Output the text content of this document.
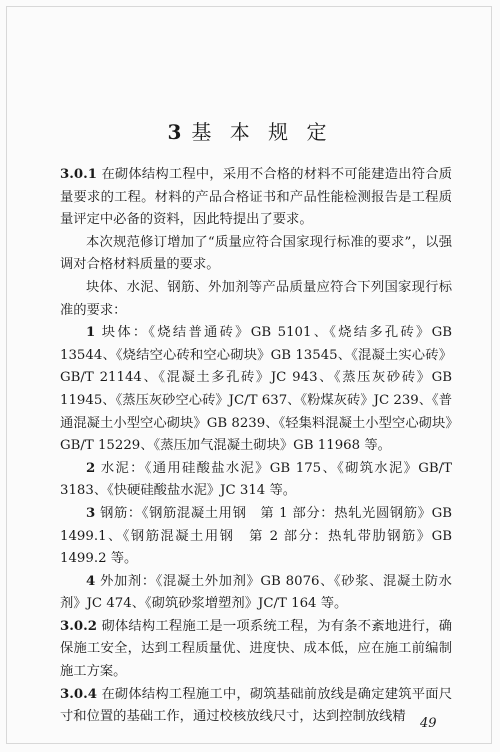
3 基 本 规 定

3.0.1 在砌体结构工程中，采用不合格的材料不可能建造出符合质量要求的工程。材料的产品合格证书和产品性能检测报告是工程质量评定中必备的资料，因此特提出了要求。

本次规范修订增加了“质量应符合国家现行标准的要求”，以强调对合格材料质量的要求。

块体、水泥、钢筋、外加剂等产品质量应符合下列国家现行标准的要求：

1 块体：《烧结普通砖》GB 5101、《烧结多孔砖》GB 13544、《烧结空心砖和空心砌块》GB 13545、《混凝土实心砖》GB/T 21144、《混凝土多孔砖》JC 943、《蒸压灰砂砖》GB 11945、《蒸压灰砂空心砖》JC/T 637、《粉煤灰砖》JC 239、《普通混凝土小型空心砌块》GB 8239、《轻集料混凝土小型空心砌块》GB/T 15229、《蒸压加气混凝土砌块》GB 11968 等。

2 水泥：《通用硅酸盐水泥》GB 175、《砌筑水泥》GB/T 3183、《快硬硅酸盐水泥》JC 314 等。

3 钢筋：《钢筋混凝土用钢　第 1 部分：热轧光圆钢筋》GB 1499.1、《钢筋混凝土用钢　第 2 部分：热轧带肋钢筋》GB 1499.2 等。

4 外加剂：《混凝土外加剂》GB 8076、《砂浆、混凝土防水剂》JC 474、《砌筑砂浆增塑剂》JC/T 164 等。

3.0.2 砌体结构工程施工是一项系统工程，为有条不紊地进行，确保施工安全，达到工程质量优、进度快、成本低，应在施工前编制施工方案。

3.0.4 在砌体结构工程施工中，砌筑基础前放线是确定建筑平面尺寸和位置的基础工作，通过校核放线尺寸，达到控制放线精	49
